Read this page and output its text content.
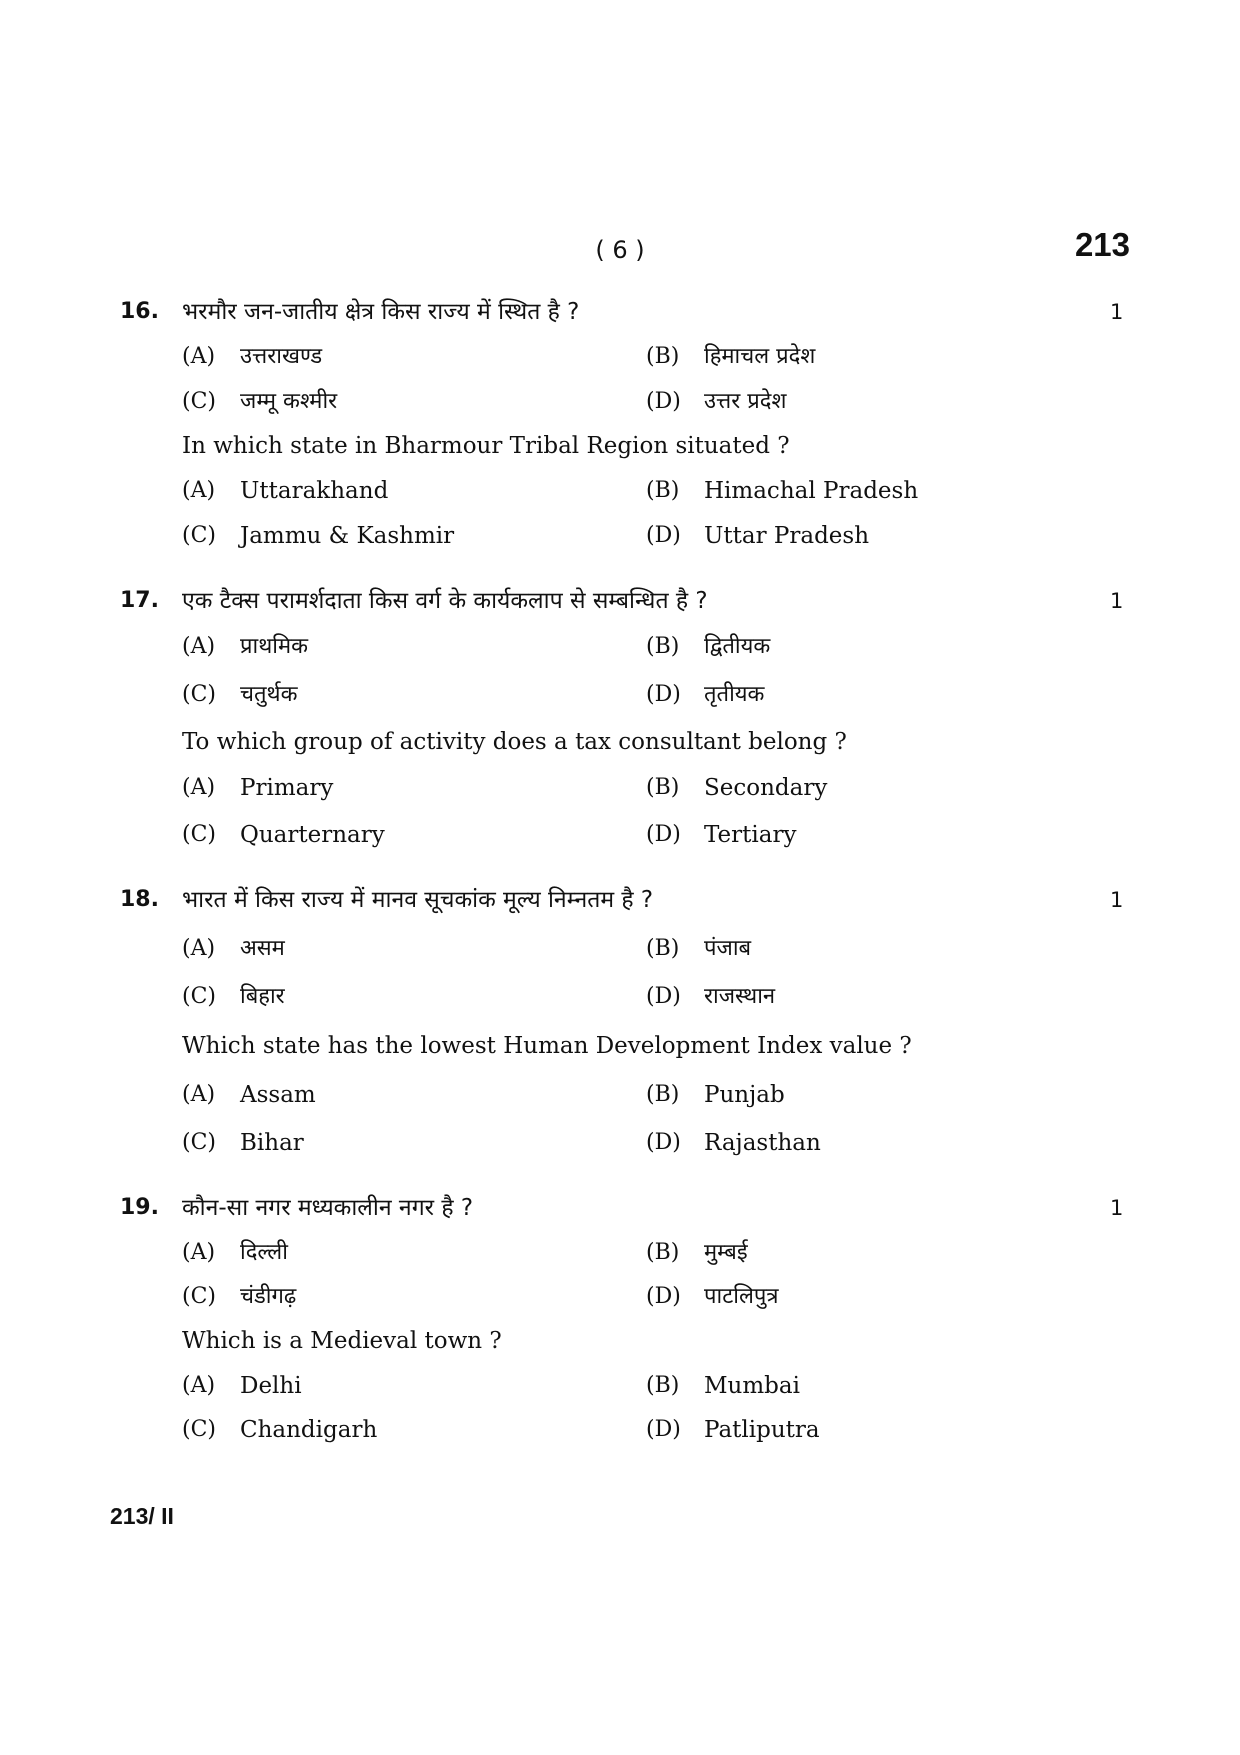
( 6 )	213
16. भरमौर जन-जातीय क्षेत्र किस राज्य में स्थित है ?	1
(A) उत्तराखण्ड	(B) हिमाचल प्रदेश
(C) जम्मू कश्मीर	(D) उत्तर प्रदेश
In which state in Bharmour Tribal Region situated ?
(A) Uttarakhand	(B) Himachal Pradesh
(C) Jammu & Kashmir	(D) Uttar Pradesh
17. एक टैक्स परामर्शदाता किस वर्ग के कार्यकलाप से सम्बन्धित है ?	1
(A) प्राथमिक	(B) द्वितीयक
(C) चतुर्थक	(D) तृतीयक
To which group of activity does a tax consultant belong ?
(A) Primary	(B) Secondary
(C) Quarternary	(D) Tertiary
18. भारत में किस राज्य में मानव सूचकांक मूल्य निम्नतम है ?	1
(A) असम	(B) पंजाब
(C) बिहार	(D) राजस्थान
Which state has the lowest Human Development Index value ?
(A) Assam	(B) Punjab
(C) Bihar	(D) Rajasthan
19. कौन-सा नगर मध्यकालीन नगर है ?	1
(A) दिल्ली	(B) मुम्बई
(C) चंडीगढ़	(D) पाटलिपुत्र
Which is a Medieval town ?
(A) Delhi	(B) Mumbai
(C) Chandigarh	(D) Patliputra
213/ II
